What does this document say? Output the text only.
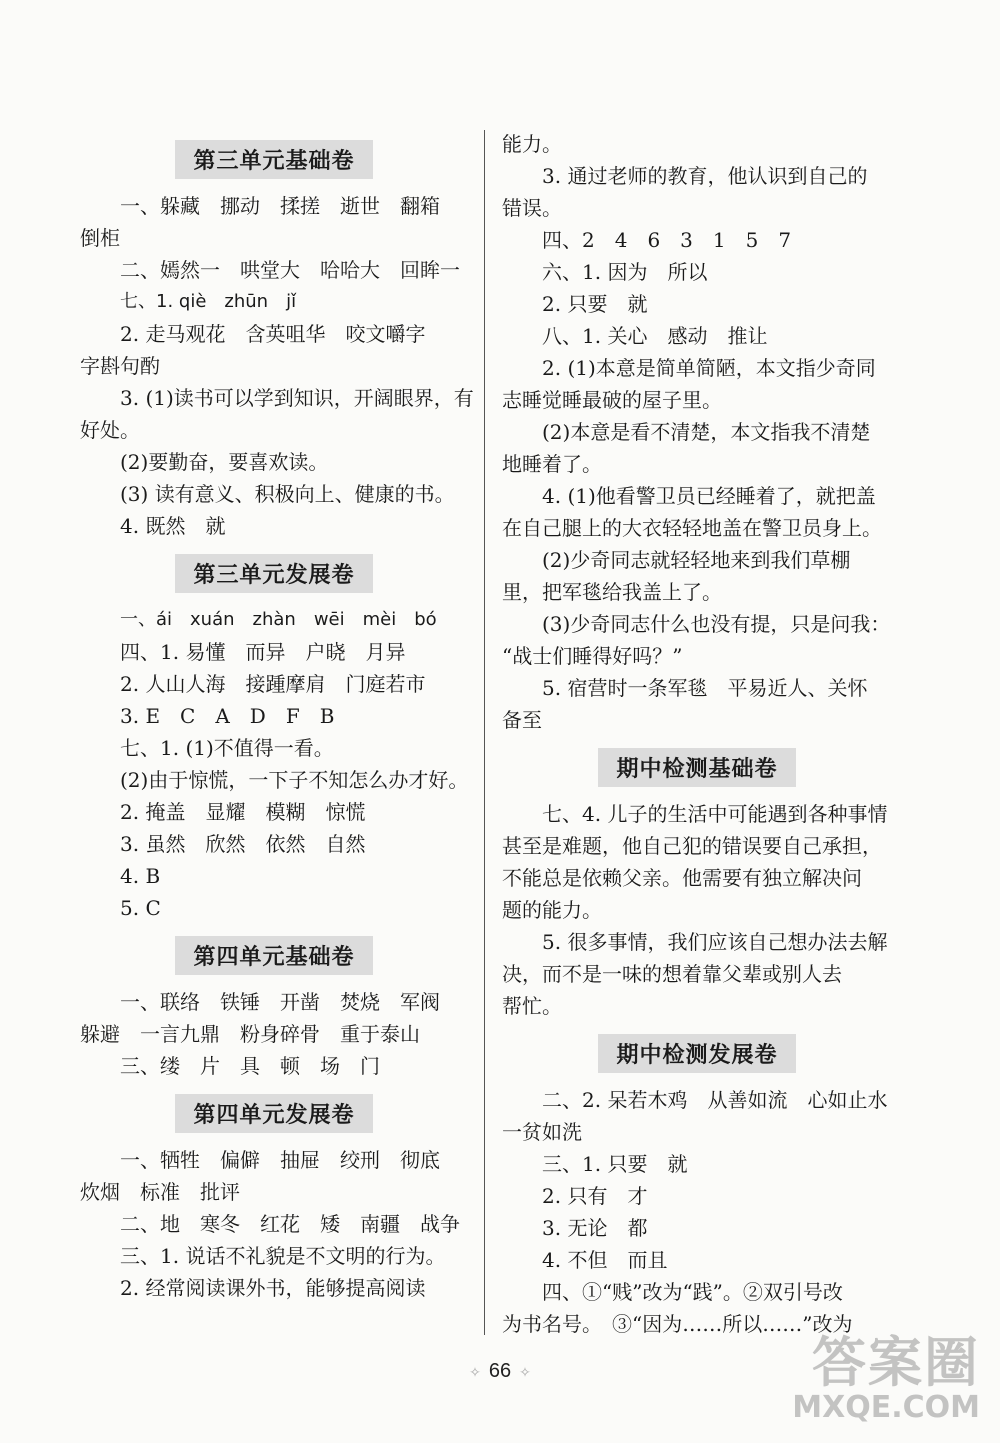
第三单元基础卷
一、躲藏　挪动　揉搓　逝世　翻箱
倒柜
二、嫣然一　哄堂大　哈哈大　回眸一
七、1. qiè　zhūn　jǐ
2. 走马观花　含英咀华　咬文嚼字
字斟句酌
3. (1)读书可以学到知识，开阔眼界，有
好处。
(2)要勤奋，要喜欢读。
(3) 读有意义、积极向上、健康的书。
4. 既然　就
第三单元发展卷
一、ái　xuán　zhàn　wēi　mèi　bó
四、1. 易懂　而异　户晓　月异
2. 人山人海　接踵摩肩　门庭若市
3. E　C　A　D　F　B
七、1. (1)不值得一看。
(2)由于惊慌，一下子不知怎么办才好。
2. 掩盖　显耀　模糊　惊慌
3. 虽然　欣然　依然　自然
4. B
5. C
第四单元基础卷
一、联络　铁锤　开凿　焚烧　军阀
躲避　一言九鼎　粉身碎骨　重于泰山
三、缕　片　具　顿　场　门
第四单元发展卷
一、牺牲　偏僻　抽屉　绞刑　彻底
炊烟　标准　批评
二、地　寒冬　红花　矮　南疆　战争
三、1. 说话不礼貌是不文明的行为。
2. 经常阅读课外书，能够提高阅读
能力。
3. 通过老师的教育，他认识到自己的
错误。
四、2　4　6　3　1　5　7
六、1. 因为　所以
2. 只要　就
八、1. 关心　感动　推让
2. (1)本意是简单简陋，本文指少奇同
志睡觉睡最破的屋子里。
(2)本意是看不清楚，本文指我不清楚
地睡着了。
4. (1)他看警卫员已经睡着了，就把盖
在自己腿上的大衣轻轻地盖在警卫员身上。
(2)少奇同志就轻轻地来到我们草棚
里，把军毯给我盖上了。
(3)少奇同志什么也没有提，只是问我：
“战士们睡得好吗？”
5. 宿营时一条军毯　平易近人、关怀
备至
期中检测基础卷
七、4. 儿子的生活中可能遇到各种事情
甚至是难题，他自己犯的错误要自己承担，
不能总是依赖父亲。他需要有独立解决问
题的能力。
5. 很多事情，我们应该自己想办法去解
决，而不是一味的想着靠父辈或别人去
帮忙。
期中检测发展卷
二、2. 呆若木鸡　从善如流　心如止水
一贫如洗
三、1. 只要　就
2. 只有　才
3. 无论　都
4. 不但　而且
四、①“贱”改为“践”。②双引号改
为书名号。　③“因为……所以……”改为
✧ 66 ✧	答案圈
MXQE.COM
